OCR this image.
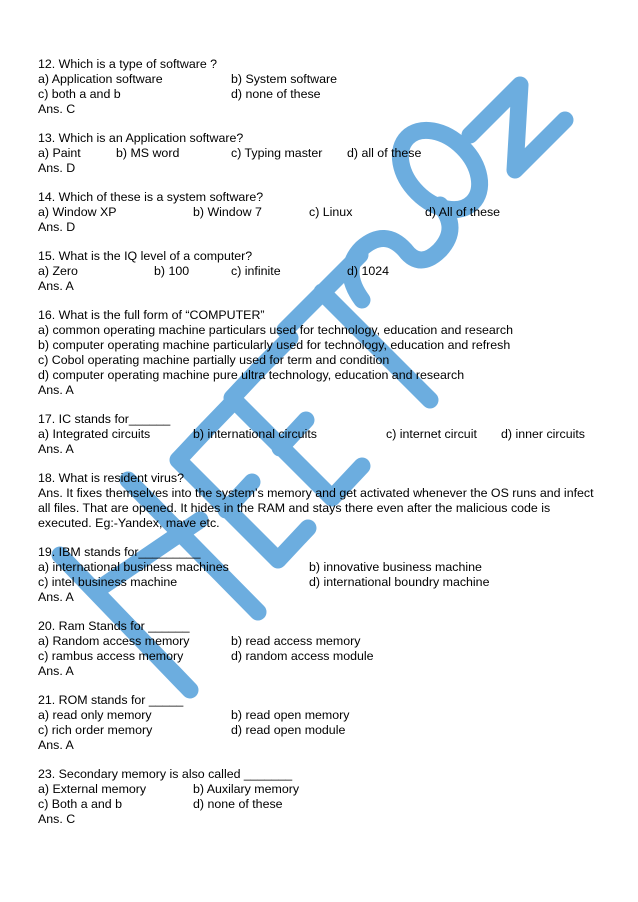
12. Which is a type of software ?
a) Application software	b) System software
c) both a and b	d) none of these
Ans. C
13. Which is an Application software?
a) Paint	b) MS word	c) Typing master d) all of these
Ans. D
14. Which of these is a system software?
a) Window XP	b) Window 7	c) Linux	d) All of these
Ans. D
15. What is the IQ level of a computer?
a) Zero	b) 100	c) infinite	d) 1024
Ans. A
16. What is the full form of “COMPUTER”
a) common operating machine particulars used for technology, education and research
b) computer operating machine particularly used for technology, education and refresh
c) Cobol operating machine partially used for term and condition
d) computer operating machine pure ultra technology, education and research
Ans. A
17. IC stands for______
a) Integrated circuits	b) international circuits	c) internet circuit d) inner circuits
Ans. A
18. What is resident virus?
Ans. It fixes themselves into the system’s memory and get activated whenever the OS runs and infect all files. That are opened. It hides in the RAM and stays there even after the malicious code is executed. Eg:-Yandex, mave etc.
19. IBM stands for_________
a) international business machines	b) innovative business machine
c) intel business machine	d) international boundry machine
Ans. A
20. Ram Stands for ______
a) Random access memory	b) read access memory
c) rambus access memory	d) random access module
Ans. A
21. ROM stands for _____
a) read only memory	b) read open memory
c) rich order memory	d) read open module
Ans. A
23. Secondary memory is also called _______
a) External memory	b) Auxilary memory
c) Both a and b	d) none of these
Ans. C
